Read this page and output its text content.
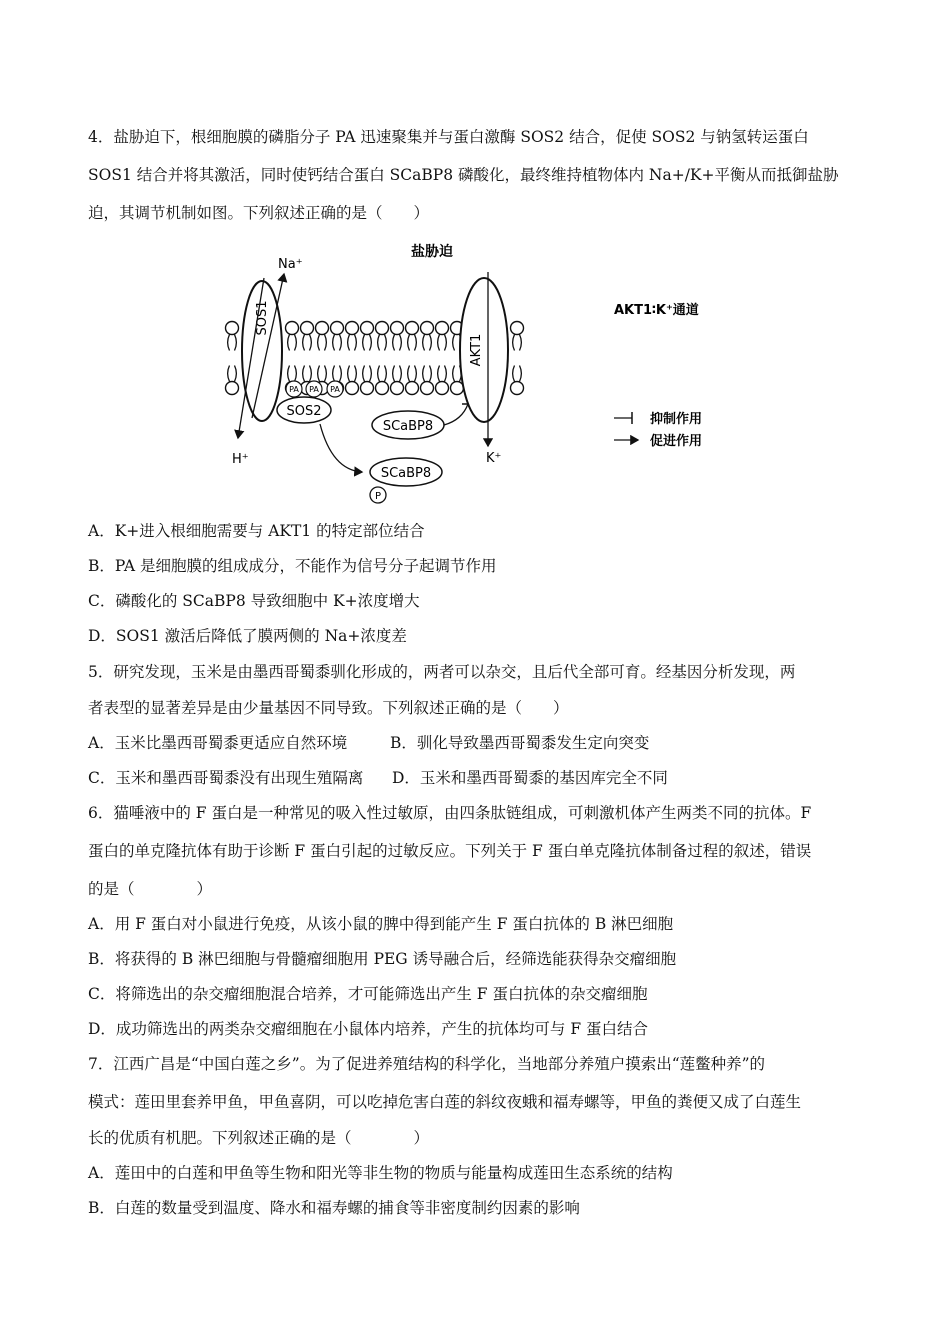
4．盐胁迫下，根细胞膜的磷脂分子 PA 迅速聚集并与蛋白激酶 SOS2 结合，促使 SOS2 与钠氢转运蛋白
SOS1 结合并将其激活，同时使钙结合蛋白 SCaBP8 磷酸化，最终维持植物体内 Na+/K+平衡从而抵御盐胁
迫，其调节机制如图。下列叙述正确的是（　　）
SOS1
Na⁺
H⁺
PA PA PA
SOS2
SCaBP8
SCaBP8
P
AKT1
K⁺
盐胁迫
AKT1∶K⁺通道
抑制作用
促进作用
A．K+进入根细胞需要与 AKT1 的特定部位结合
B．PA 是细胞膜的组成成分，不能作为信号分子起调节作用
C．磷酸化的 SCaBP8 导致细胞中 K+浓度增大
D．SOS1 激活后降低了膜两侧的 Na+浓度差
5．研究发现，玉米是由墨西哥蜀黍驯化形成的，两者可以杂交，且后代全部可育。经基因分析发现，两
者表型的显著差异是由少量基因不同导致。下列叙述正确的是（　　）
A．玉米比墨西哥蜀黍更适应自然环境	B．驯化导致墨西哥蜀黍发生定向突变
C．玉米和墨西哥蜀黍没有出现生殖隔离 D．玉米和墨西哥蜀黍的基因库完全不同
6．猫唾液中的 F 蛋白是一种常见的吸入性过敏原，由四条肽链组成，可刺激机体产生两类不同的抗体。F
蛋白的单克隆抗体有助于诊断 F 蛋白引起的过敏反应。下列关于 F 蛋白单克隆抗体制备过程的叙述，错误
的是（　　　　）
A．用 F 蛋白对小鼠进行免疫，从该小鼠的脾中得到能产生 F 蛋白抗体的 B 淋巴细胞
B．将获得的 B 淋巴细胞与骨髓瘤细胞用 PEG 诱导融合后，经筛选能获得杂交瘤细胞
C．将筛选出的杂交瘤细胞混合培养，才可能筛选出产生 F 蛋白抗体的杂交瘤细胞
D．成功筛选出的两类杂交瘤细胞在小鼠体内培养，产生的抗体均可与 F 蛋白结合
7．江西广昌是“中国白莲之乡”。为了促进养殖结构的科学化，当地部分养殖户摸索出“莲鳖种养”的
模式：莲田里套养甲鱼，甲鱼喜阴，可以吃掉危害白莲的斜纹夜蛾和福寿螺等，甲鱼的粪便又成了白莲生
长的优质有机肥。下列叙述正确的是（　　　　）
A．莲田中的白莲和甲鱼等生物和阳光等非生物的物质与能量构成莲田生态系统的结构
B．白莲的数量受到温度、降水和福寿螺的捕食等非密度制约因素的影响
